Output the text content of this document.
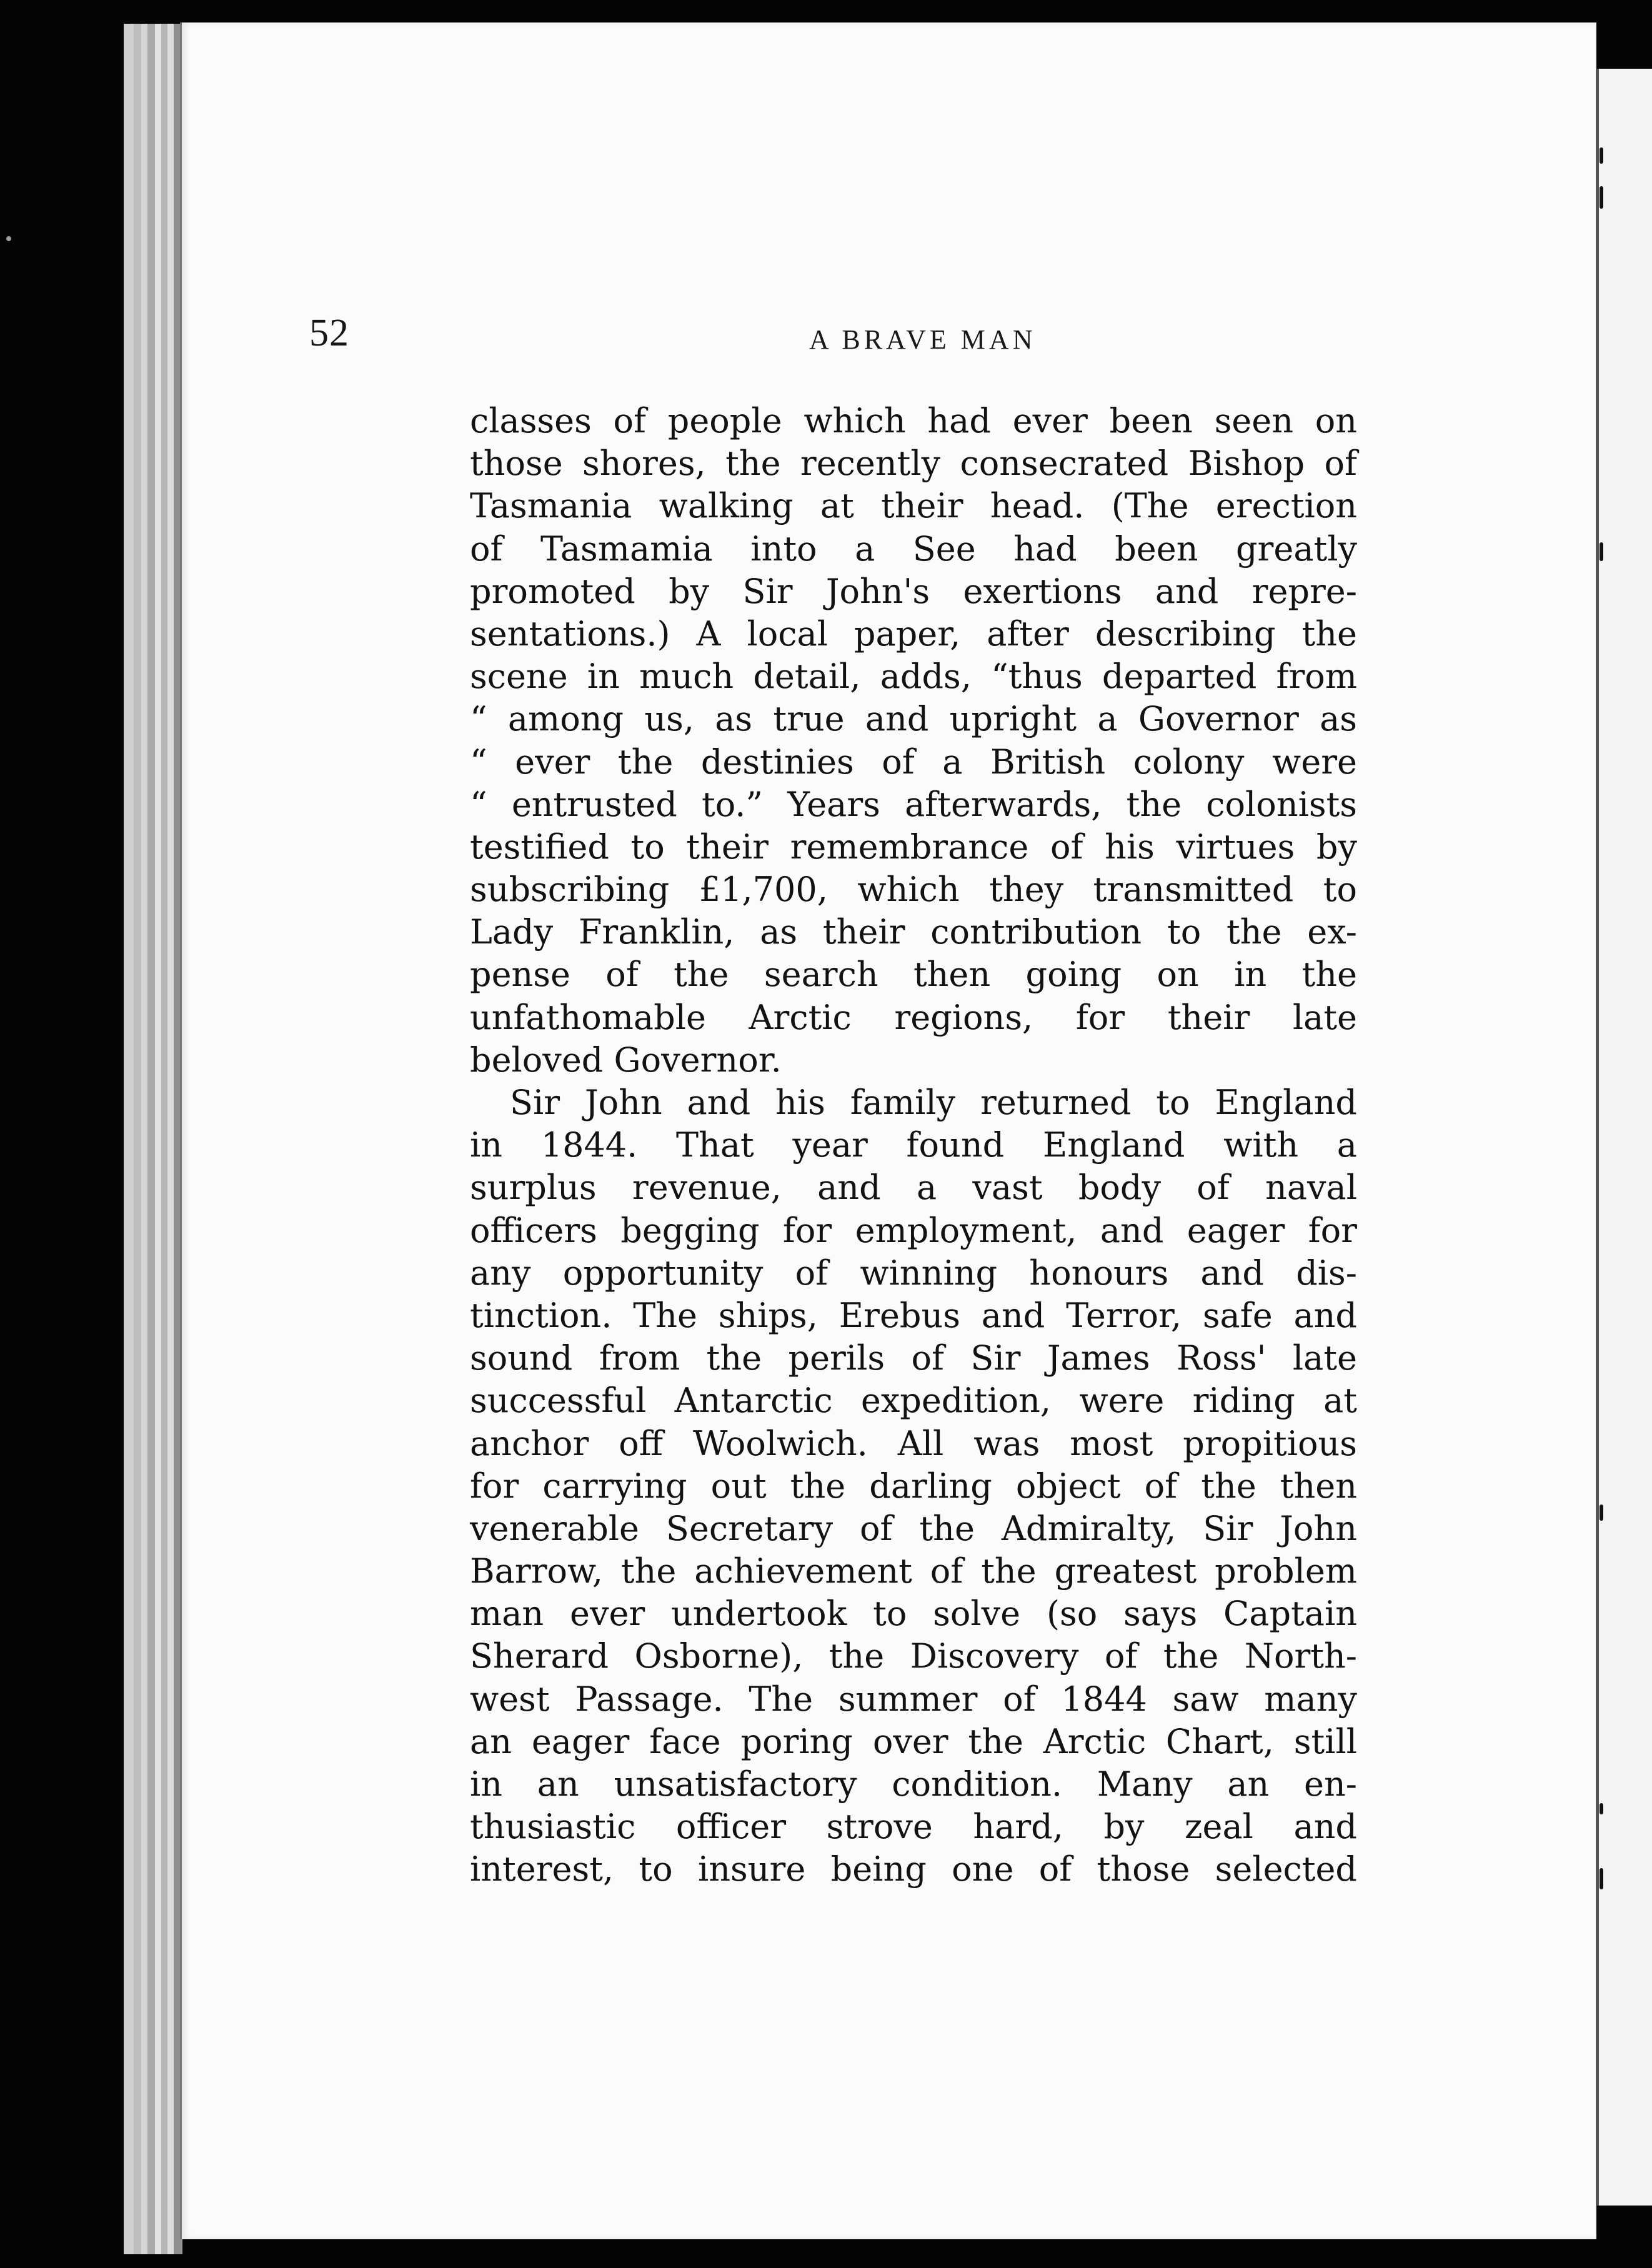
52	A BRAVE MAN
classes of people which had ever been seen on
those shores, the recently consecrated Bishop of
Tasmania walking at their head. (The erection
of Tasmamia into a See had been greatly
promoted by Sir John's exertions and repre-
sentations.) A local paper, after describing the
scene in much detail, adds, “thus departed from
“ among us, as true and upright a Governor as
“ ever the destinies of a British colony were
“ entrusted to.” Years afterwards, the colonists
testified to their remembrance of his virtues by
subscribing £1,700, which they transmitted to
Lady Franklin, as their contribution to the ex-
pense of the search then going on in the
unfathomable Arctic regions, for their late
beloved Governor.
Sir John and his family returned to England
in 1844. That year found England with a
surplus revenue, and a vast body of naval
officers begging for employment, and eager for
any opportunity of winning honours and dis-
tinction. The ships, Erebus and Terror, safe and
sound from the perils of Sir James Ross' late
successful Antarctic expedition, were riding at
anchor off Woolwich. All was most propitious
for carrying out the darling object of the then
venerable Secretary of the Admiralty, Sir John
Barrow, the achievement of the greatest problem
man ever undertook to solve (so says Captain
Sherard Osborne), the Discovery of the North-
west Passage. The summer of 1844 saw many
an eager face poring over the Arctic Chart, still
in an unsatisfactory condition. Many an en-
thusiastic officer strove hard, by zeal and
interest, to insure being one of those selected
